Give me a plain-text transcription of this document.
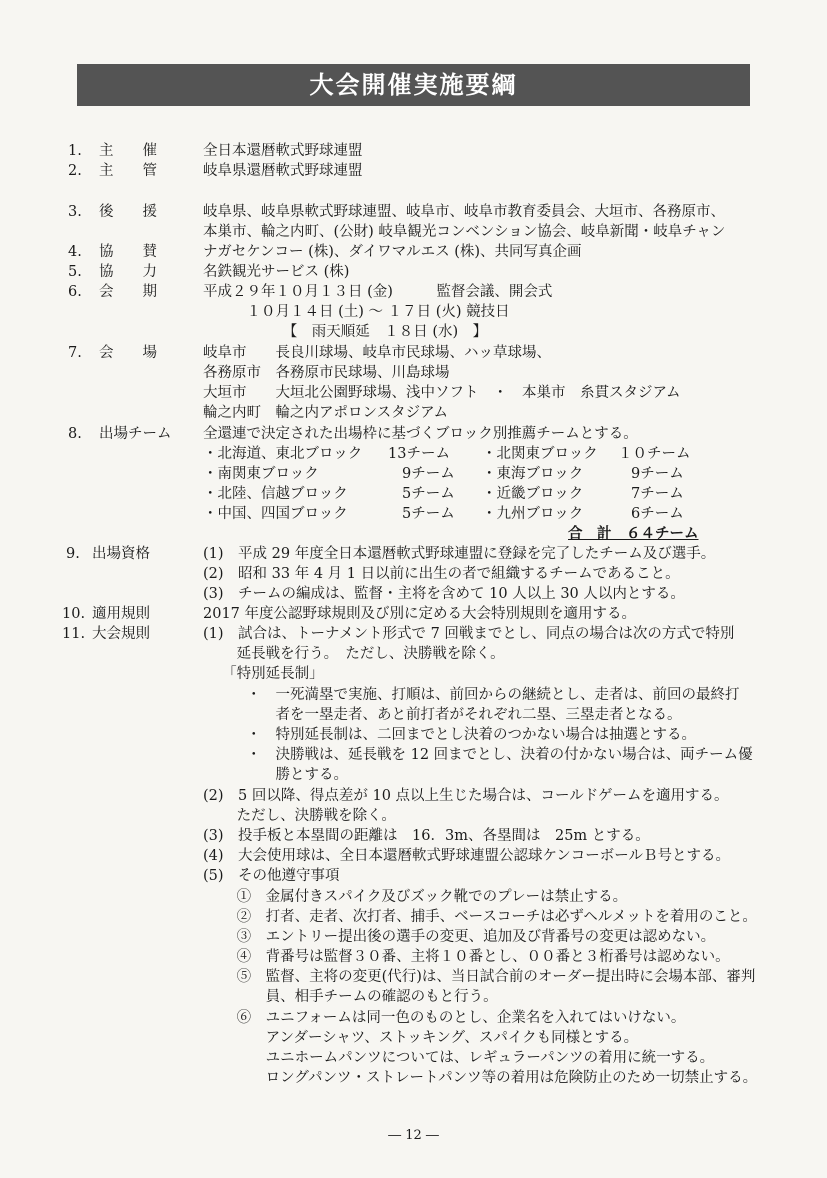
大会開催実施要綱
1. 主　　催	全日本還暦軟式野球連盟
2. 主　　管	岐阜県還暦軟式野球連盟
3. 後　　援	岐阜県、岐阜県軟式野球連盟、岐阜市、岐阜市教育委員会、大垣市、各務原市、
本巣市、輪之内町、(公財) 岐阜観光コンベンション協会、岐阜新聞・岐阜チャン
4. 協　　賛	ナガセケンコー (株)、ダイワマルエス (株)、共同写真企画
5. 協　　力	名鉄観光サービス (株)
6. 会　　期	平成２９年１０月１３日 (金)　　　監督会議、開会式
　　　１０月１４日 (土) ～ １７日 (火) 競技日
　　　　　　【　雨天順延　１８日 (水)　】
7. 会　　場	岐阜市　　長良川球場、岐阜市民球場、ハッ草球場、
各務原市　各務原市民球場、川島球場
大垣市　　大垣北公園野球場、浅中ソフト　・　本巣市　糸貫スタジアム
輪之内町　輪之内アポロンスタジアム
8. 出場チーム 全還連で決定された出場枠に基づくブロック別推薦チームとする。
・北海道、東北ブロック 13チーム ・北関東ブロック １０チーム
・南関東ブロック	9チーム ・東海ブロック	9チーム
・北陸、信越ブロック	5チーム ・近畿ブロック	7チーム
・中国、四国ブロック	5チーム ・九州ブロック	6チーム
合　計　６４チーム
9. 出場資格	(1)　平成 29 年度全日本還暦軟式野球連盟に登録を完了したチーム及び選手。
(2)　昭和 33 年 4 月 1 日以前に出生の者で組織するチームであること。
(3)　チームの編成は、監督・主将を含めて 10 人以上 30 人以内とする。
10. 適用規則	2017 年度公認野球規則及び別に定める大会特別規則を適用する。
11. 大会規則	(1)　試合は、トーナメント形式で 7 回戦までとし、同点の場合は次の方式で特別
　　 延長戦を行う。　ただし、決勝戦を除く。
　 「特別延長制」
　　　・　一死満塁で実施、打順は、前回からの継続とし、走者は、前回の最終打
　　　　　者を一塁走者、あと前打者がそれぞれ二塁、三塁走者となる。
　　　・　特別延長制は、二回までとし決着のつかない場合は抽選とする。
　　　・　決勝戦は、延長戦を 12 回までとし、決着の付かない場合は、両チーム優
　　　　　勝とする。
(2)　5 回以降、得点差が 10 点以上生じた場合は、コールドゲームを適用する。
　　 ただし、決勝戦を除く。
(3)　投手板と本塁間の距離は　16．3m、各塁間は　25m とする。
(4)　大会使用球は、全日本還暦軟式野球連盟公認球ケンコーボールＢ号とする。
(5)　その他遵守事項
　　 ①　金属付きスパイク及びズック靴でのプレーは禁止する。
　　 ②　打者、走者、次打者、捕手、ベースコーチは必ずヘルメットを着用のこと。
　　 ③　エントリー提出後の選手の変更、追加及び背番号の変更は認めない。
　　 ④　背番号は監督３０番、主将１０番とし、００番と３桁番号は認めない。
　　 ⑤　監督、主将の変更(代行)は、当日試合前のオーダー提出時に会場本部、審判
　　 　　員、相手チームの確認のもと行う。
　　 ⑥　ユニフォームは同一色のものとし、企業名を入れてはいけない。
　　 　　アンダーシャツ、ストッキング、スパイクも同様とする。
　　 　　ユニホームパンツについては、レギュラーパンツの着用に統一する。
　　 　　ロングパンツ・ストレートパンツ等の着用は危険防止のため一切禁止する。
― 12 ―
